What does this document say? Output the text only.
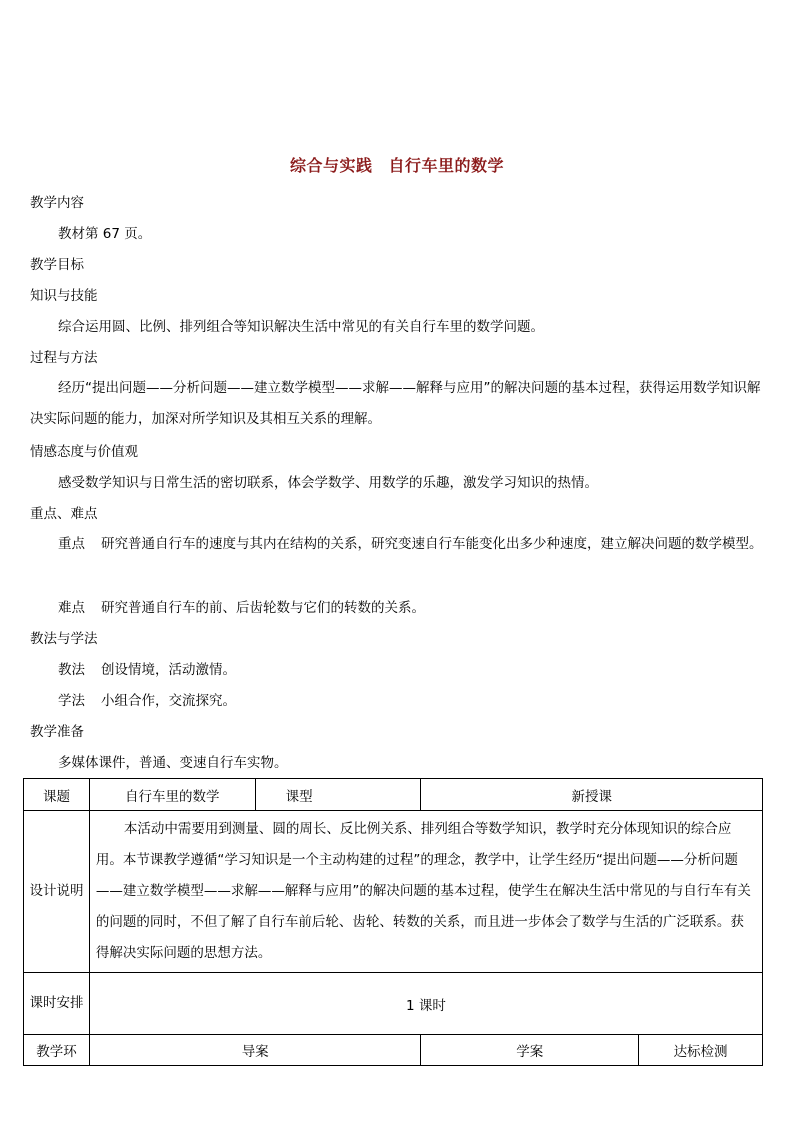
综合与实践 自行车里的数学
教学内容
教材第 67 页。
教学目标
知识与技能
综合运用圆、比例、排列组合等知识解决生活中常见的有关自行车里的数学问题。
过程与方法
经历“提出问题——分析问题——建立数学模型——求解——解释与应用”的解决问题的基本过程，获得运用数学知识解决实际问题的能力，加深对所学知识及其相互关系的理解。
情感态度与价值观
感受数学知识与日常生活的密切联系，体会学数学、用数学的乐趣，激发学习知识的热情。
重点、难点
重点 研究普通自行车的速度与其内在结构的关系，研究变速自行车能变化出多少种速度，建立解决问题的数学模型。
难点 研究普通自行车的前、后齿轮数与它们的转数的关系。
教法与学法
教法 创设情境，活动激情。
学法 小组合作，交流探究。
教学准备
多媒体课件，普通、变速自行车实物。
课题	自行车里的数学	课型	新授课	
设计说明	本活动中需要用到测量、圆的周长、反比例关系、排列组合等数学知识，教学时充分体现知识的综合应用。本节课教学遵循“学习知识是一个主动构建的过程”的理念，教学中，让学生经历“提出问题——分析问题——建立数学模型——求解——解释与应用”的解决问题的基本过程，使学生在解决生活中常见的与自行车有关的问题的同时，不但了解了自行车前后轮、齿轮、转数的关系，而且进一步体会了数学与生活的广泛联系。获得解决实际问题的思想方法。			
课时安排	1 课时			
教学环	导案		学案	达标检测
